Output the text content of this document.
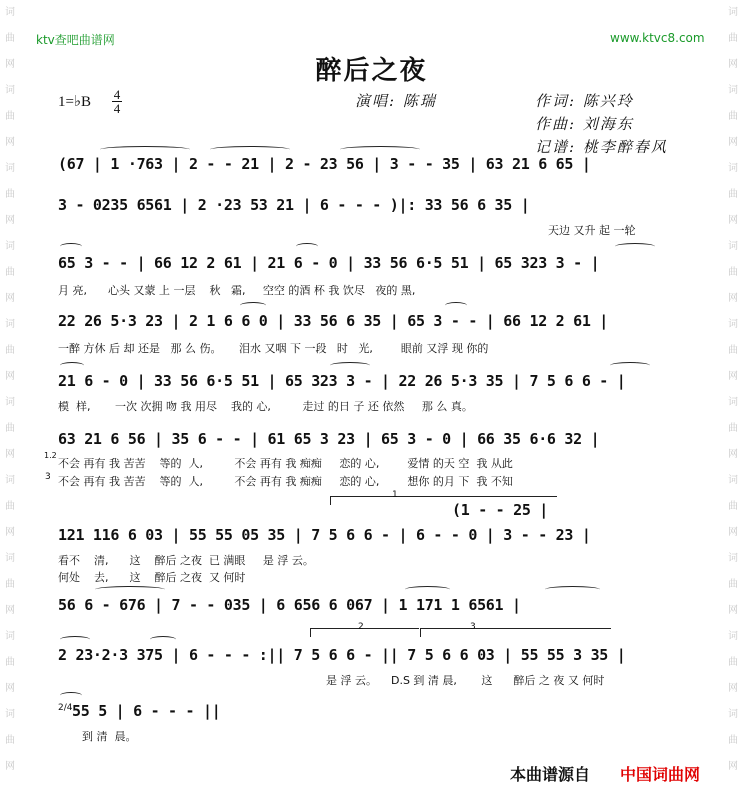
词曲网词曲网词曲网词曲网词曲网词曲网词曲网词曲网词曲网词曲网
词曲网词曲网词曲网词曲网词曲网词曲网词曲网词曲网词曲网词曲网
ktv查吧曲谱网	www.ktvc8.com
醉后之夜
1=♭B 4
4	演唱: 陈瑞	作词: 陈兴玲
作曲: 刘海东
记谱: 桃李醉春风
(67 | 1 ·763 | 2 - - 21 | 2 - 23 56 | 3 - - 35 | 63 21 6 65 |
3 - 0235 6561 | 2 ·23 53 21 | 6 - - - )|: 33 56 6 35 |
天边 又升 起 一轮
65 3 - - | 66 12 2 61 | 21 6 - 0 | 33 56 6·5 51 | 65 323 3 - |
月 亮,      心头 又蒙 上 一层    秋   霜,     空空 的酒 杯 我 饮尽   夜的 黑,
22 26 5·3 23 | 2 1 6 6 0 | 33 56 6 35 | 65 3 - - | 66 12 2 61 |
一醉 方休 后 却 还是   那 么 伤。     泪水 又咽 下 一段   时   光,        眼前 又浮 现 你的
21 6 - 0 | 33 56 6·5 51 | 65 323 3 - | 22 26 5·3 35 | 7 5 6 6 - |
模  样,       一次 次拥 吻 我 用尽    我的 心,         走过 的日 子 还 依然     那 么 真。
63 21 6 56 | 35 6 - - | 61 65 3 23 | 65 3 - 0 | 66 35 6·6 32 |
1.2
不会 再有 我 苦苦    等的  人,         不会 再有 我 痴痴     恋的 心,        爱情 的天 空  我 从此
3 不会 再有 我 苦苦    等的  人,         不会 再有 我 痴痴     恋的 心,        想你 的月 下  我 不知
1
(1 - - 25 |
121 116 6 03 | 55 55 05 35 | 7 5 6 6 - | 6 - - 0 | 3 - - 23 |
看不    清,      这    醉后 之夜  已 满眼     是 浮 云。
何处    去,      这    醉后 之夜  又 何时
56 6 - 676 | 7 - - 035 | 6 656 6 067 | 1 171 1 6561 |
2	3
2 23·2·3 375 | 6 - - - :|| 7 5 6 6 - || 7 5 6 6 03 | 55 55 3 35 |
是 浮 云。    D.S 到 清 晨,       这      醉后 之 夜 又 何时
2/4 55 5 | 6 - - - ||
到 清  晨。
本曲谱源自 中国词曲网
